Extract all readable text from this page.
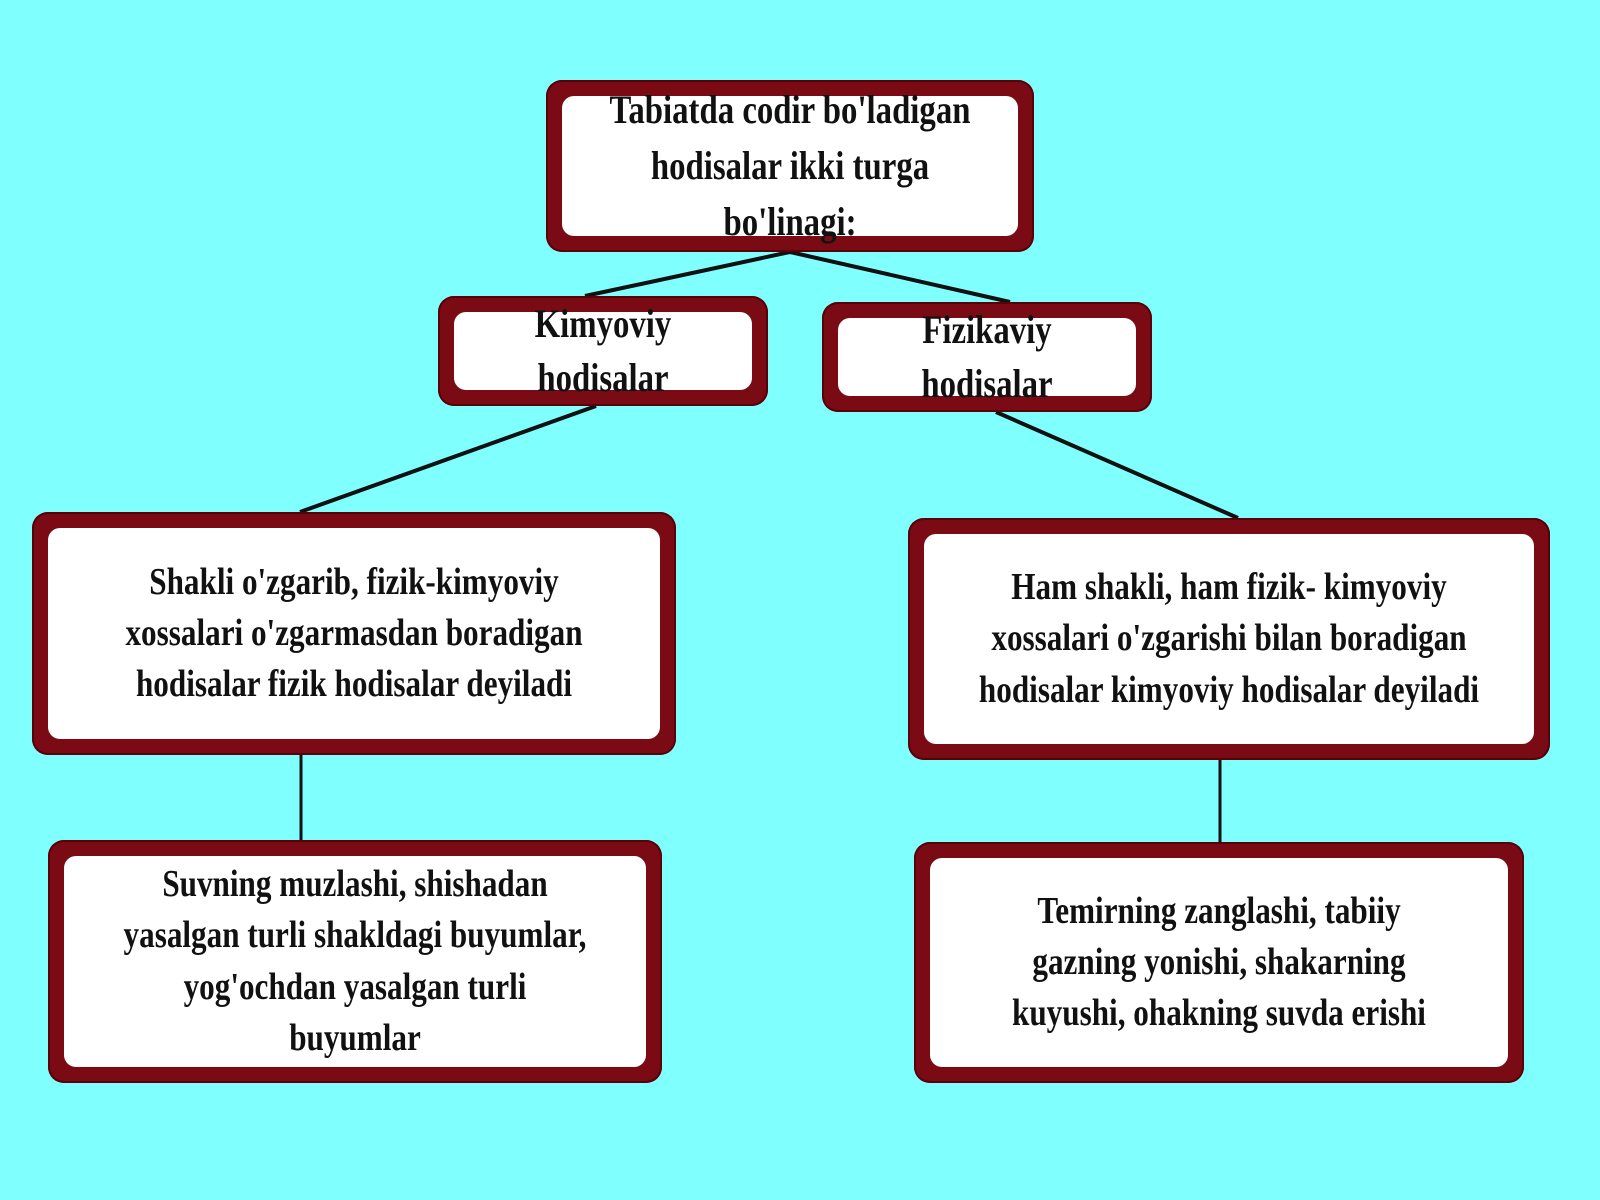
Tabiatda codir bo'ladigan hodisalar ikki turga bo'linagi:
Kimyoviy hodisalar
Fizikaviy hodisalar
Shakli o'zgarib, fizik-kimyoviy xossalari o'zgarmasdan boradigan hodisalar fizik hodisalar deyiladi
Ham shakli, ham fizik- kimyoviy xossalari o'zgarishi bilan boradigan hodisalar kimyoviy hodisalar deyiladi
Suvning muzlashi, shishadan yasalgan turli shakldagi buyumlar, yog'ochdan yasalgan turli buyumlar
Temirning zanglashi, tabiiy gazning yonishi, shakarning kuyushi, ohakning suvda erishi
